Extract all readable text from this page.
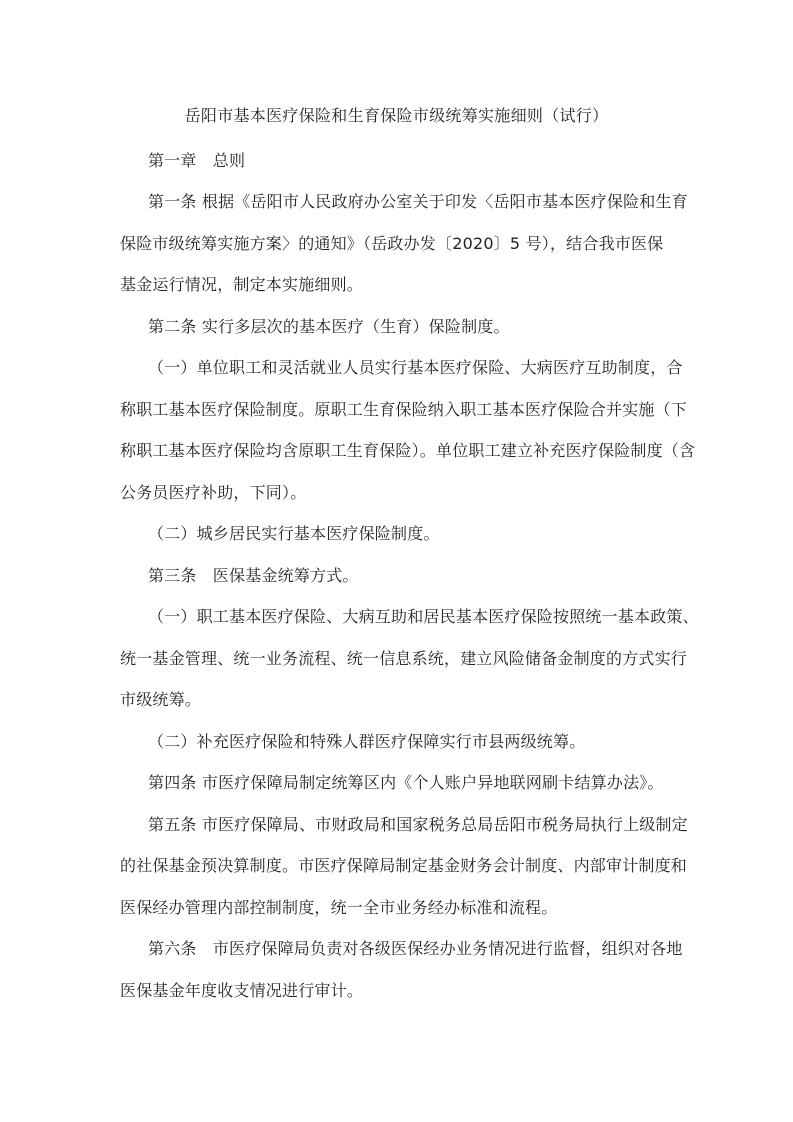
岳阳市基本医疗保险和生育保险市级统筹实施细则（试行）
第一章　总则
第一条 根据《岳阳市人民政府办公室关于印发〈岳阳市基本医疗保险和生育
保险市级统筹实施方案〉的通知》（岳政办发〔2020〕5 号），结合我市医保
基金运行情况，制定本实施细则。
第二条 实行多层次的基本医疗（生育）保险制度。
（一）单位职工和灵活就业人员实行基本医疗保险、大病医疗互助制度，合
称职工基本医疗保险制度。原职工生育保险纳入职工基本医疗保险合并实施（下
称职工基本医疗保险均含原职工生育保险）。单位职工建立补充医疗保险制度（含
公务员医疗补助，下同）。
（二）城乡居民实行基本医疗保险制度。
第三条　医保基金统筹方式。
（一）职工基本医疗保险、大病互助和居民基本医疗保险按照统一基本政策、
统一基金管理、统一业务流程、统一信息系统，建立风险储备金制度的方式实行
市级统筹。
（二）补充医疗保险和特殊人群医疗保障实行市县两级统筹。
第四条 市医疗保障局制定统筹区内《个人账户异地联网刷卡结算办法》。
第五条 市医疗保障局、市财政局和国家税务总局岳阳市税务局执行上级制定
的社保基金预决算制度。市医疗保障局制定基金财务会计制度、内部审计制度和
医保经办管理内部控制制度，统一全市业务经办标准和流程。
第六条　市医疗保障局负责对各级医保经办业务情况进行监督，组织对各地
医保基金年度收支情况进行审计。
